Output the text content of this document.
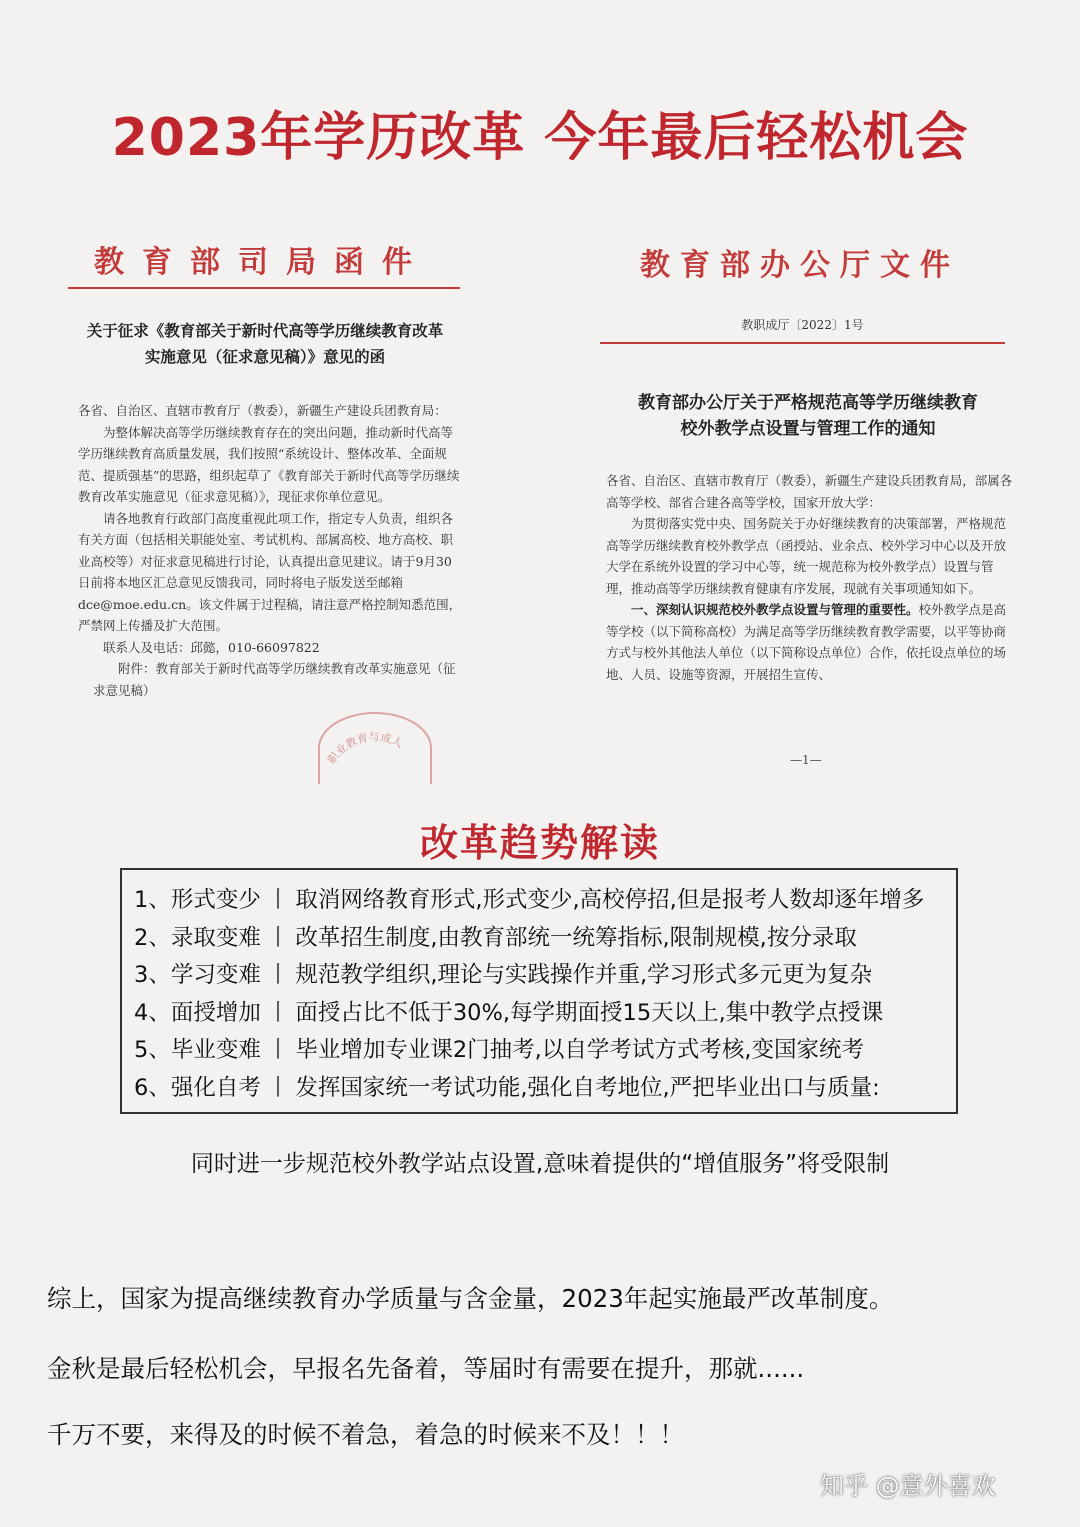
2023年学历改革 今年最后轻松机会
教育部司局函件
关于征求《教育部关于新时代高等学历继续教育改革
实施意见（征求意见稿）》意见的函

各省、自治区、直辖市教育厅（教委），新疆生产建设兵团教育局：

为整体解决高等学历继续教育存在的突出问题，推动新时代高等学历继续教育高质量发展，我们按照“系统设计、整体改革、全面规范、提质强基”的思路，组织起草了《教育部关于新时代高等学历继续教育改革实施意见（征求意见稿）》，现征求你单位意见。

请各地教育行政部门高度重视此项工作，指定专人负责，组织各有关方面（包括相关职能处室、考试机构、部属高校、地方高校、职业高校等）对征求意见稿进行讨论，认真提出意见建议。请于9月30日前将本地区汇总意见反馈我司，同时将电子版发送至邮箱 dce@moe.edu.cn。该文件属于过程稿，请注意严格控制知悉范围，严禁网上传播及扩大范围。

联系人及电话：邱懿，010-66097822

附件：教育部关于新时代高等学历继续教育改革实施意见（征求意见稿）

职业教育与成人
教育部办公厅文件
教育部办公厅关于严格规范高等学历继续教育
校外教学点设置与管理工作的通知

各省、自治区、直辖市教育厅（教委），新疆生产建设兵团教育局，部属各高等学校、部省合建各高等学校，国家开放大学：

为贯彻落实党中央、国务院关于办好继续教育的决策部署，严格规范高等学历继续教育校外教学点（函授站、业余点、校外学习中心以及开放大学在系统外设置的学习中心等，统一规范称为校外教学点）设置与管理，推动高等学历继续教育健康有序发展，现就有关事项通知如下。

一、深刻认识规范校外教学点设置与管理的重要性。校外教学点是高等学校（以下简称高校）为满足高等学历继续教育教学需要，以平等协商方式与校外其他法人单位（以下简称设点单位）合作，依托设点单位的场地、人员、设施等资源，开展招生宣传、

教职成厅〔2022〕1号
—1—
改革趋势解读
1、形式变少 丨 取消网络教育形式,形式变少,高校停招,但是报考人数却逐年增多
2、录取变难 丨 改革招生制度,由教育部统一统筹指标,限制规模,按分录取
3、学习变难 丨 规范教学组织,理论与实践操作并重,学习形式多元更为复杂
4、面授增加 丨 面授占比不低于30%,每学期面授15天以上,集中教学点授课
5、毕业变难 丨 毕业增加专业课2门抽考,以自学考试方式考核,变国家统考
6、强化自考 丨 发挥国家统一考试功能,强化自考地位,严把毕业出口与质量:
同时进一步规范校外教学站点设置,意味着提供的“增值服务”将受限制
综上，国家为提高继续教育办学质量与含金量，2023年起实施最严改革制度。
金秋是最后轻松机会，早报名先备着，等届时有需要在提升，那就......
千万不要，来得及的时候不着急，着急的时候来不及！！！
知乎 @意外喜欢
